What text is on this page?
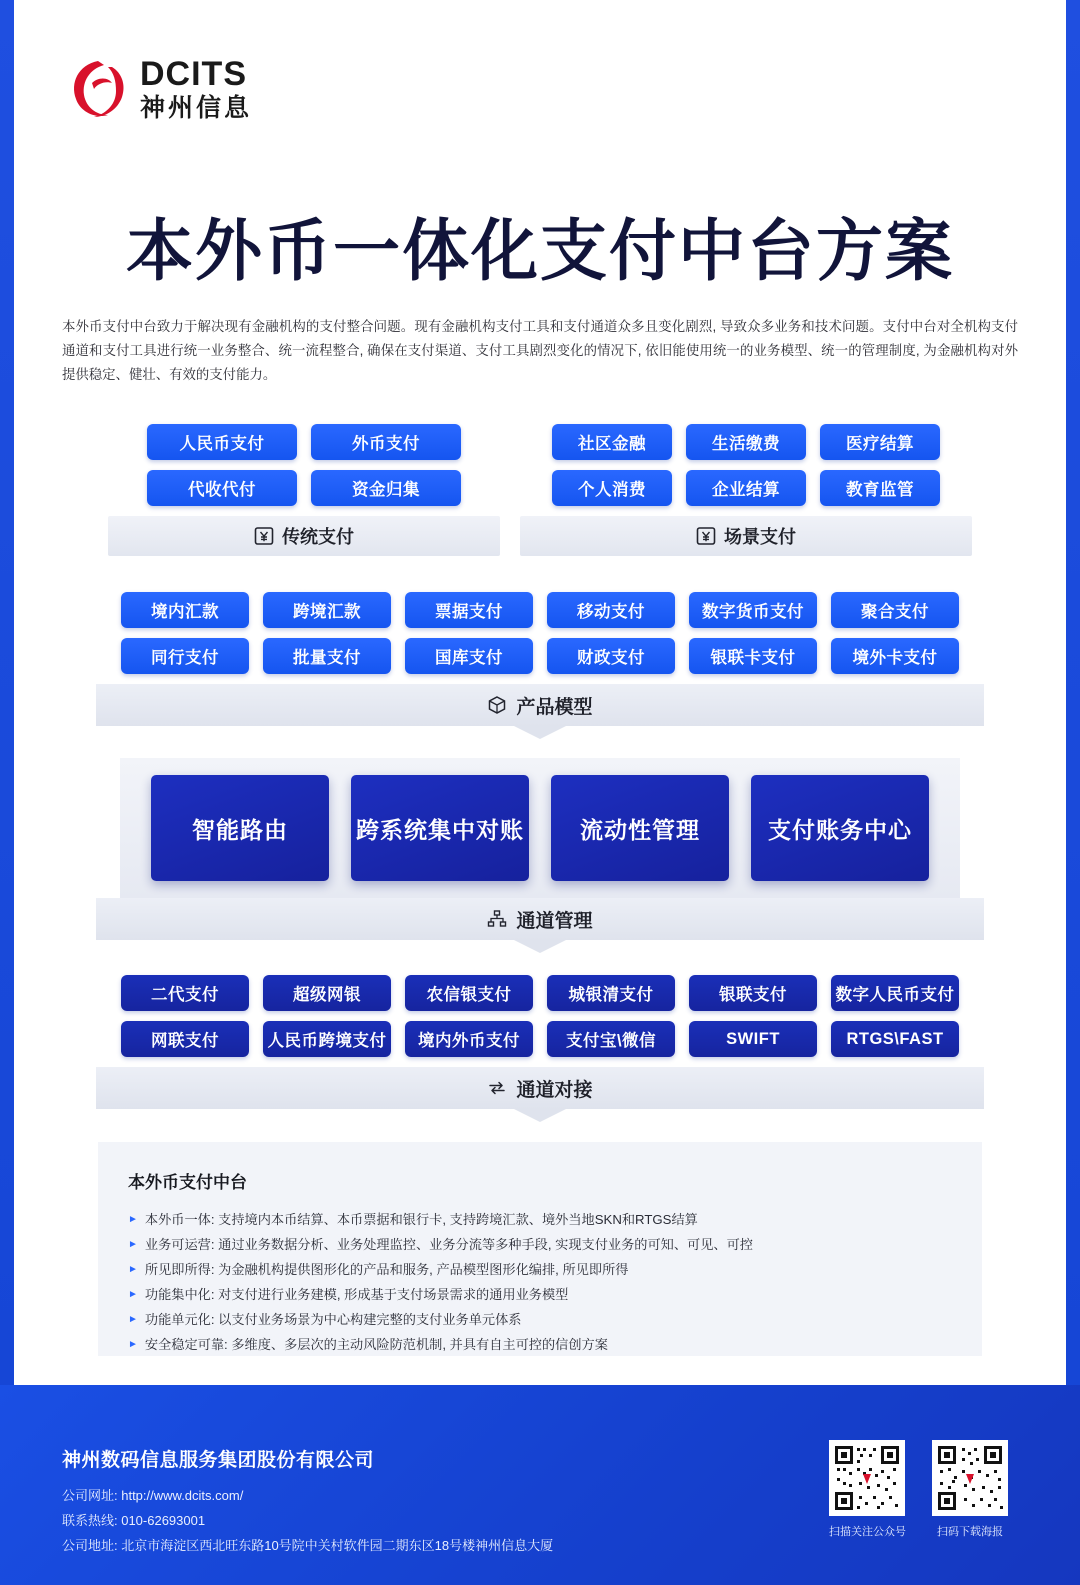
DCITS
神州信息
本外币一体化支付中台方案
本外币支付中台致力于解决现有金融机构的支付整合问题。现有金融机构支付工具和支付通道众多且变化剧烈, 导致众多业务和技术问题。支付中台对全机构支付通道和支付工具进行统一业务整合、统一流程整合, 确保在支付渠道、支付工具剧烈变化的情况下, 依旧能使用统一的业务模型、统一的管理制度, 为金融机构对外提供稳定、健壮、有效的支付能力。
人民币支付	外币支付
代收代付	资金归集
传统支付
社区金融	生活缴费	医疗结算
个人消费	企业结算	教育监管
场景支付
境内汇款	跨境汇款	票据支付	移动支付	数字货币支付	聚合支付
同行支付	批量支付	国库支付	财政支付	银联卡支付	境外卡支付
产品模型
智能路由	跨系统集中对账	流动性管理	支付账务中心
通道管理
二代支付	超级网银	农信银支付	城银清支付	银联支付	数字人民币支付
网联支付	人民币跨境支付	境内外币支付	支付宝\微信	SWIFT	RTGS\FAST
通道对接
本外币支付中台
► 本外币一体: 支持境内本币结算、本币票据和银行卡, 支持跨境汇款、境外当地SKN和RTGS结算
► 业务可运营: 通过业务数据分析、业务处理监控、业务分流等多种手段, 实现支付业务的可知、可见、可控
► 所见即所得: 为金融机构提供图形化的产品和服务, 产品模型图形化编排, 所见即所得
► 功能集中化: 对支付进行业务建模, 形成基于支付场景需求的通用业务模型
► 功能单元化: 以支付业务场景为中心构建完整的支付业务单元体系
► 安全稳定可靠: 多维度、多层次的主动风险防范机制, 并具有自主可控的信创方案
神州数码信息服务集团股份有限公司
公司网址: http://www.dcits.com/
联系热线: 010-62693001
公司地址: 北京市海淀区西北旺东路10号院中关村软件园二期东区18号楼神州信息大厦
扫描关注公众号	扫码下载海报
